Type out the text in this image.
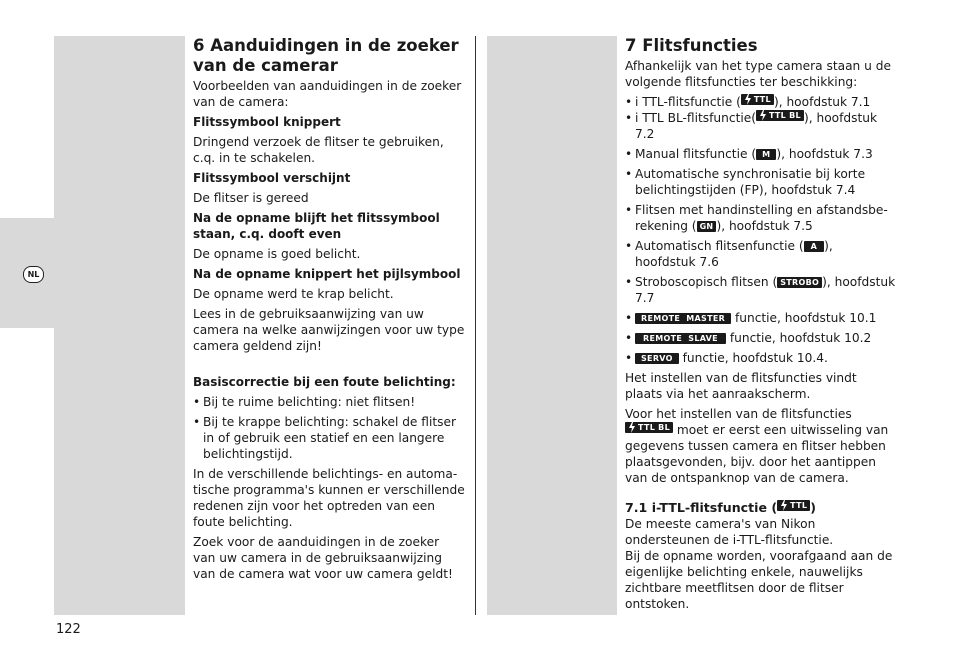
NL
122
6 Aanduidingen in de zoeker van de camerar

Voorbeelden van aanduidingen in de zoeker van de camera:

Flitssymbool knippert

Dringend verzoek de flitser te gebruiken, c.q. in te schakelen.

Flitssymbool verschijnt

De flitser is gereed

Na de opname blijft het flitssymbool staan, c.q. dooft even

De opname is goed belicht.

Na de opname knippert het pijlsymbool

De opname werd te krap belicht.

Lees in de gebruiksaanwijzing van uw camera na welke aanwijzingen voor uw type camera geldend zijn!

Basiscorrectie bij een foute belichting:

• Bij te ruime belichting: niet flitsen!
• Bij te krappe belichting: schakel de flitser in of gebruik een statief en een langere belichtingstijd.

In de verschillende belichtings- en automa-tische programma's kunnen er verschillende redenen zijn voor het optreden van een foute belichting.

Zoek voor de aanduidingen in de zoeker van uw camera in de gebruiksaanwijzing van de camera wat voor uw camera geldt!

7 Flitsfuncties

Afhankelijk van het type camera staan u de volgende flitsfuncties ter beschikking:

• i TTL-flitsfunctie ( TTL ), hoofdstuk 7.1
• i TTL BL-flitsfunctie( TTL BL ), hoofdstuk 7.2
• Manual flitsfunctie ( M ), hoofdstuk 7.3
• Automatische synchronisatie bij korte belichtingstijden (FP), hoofdstuk 7.4
• Flitsen met handinstelling en afstandsbe-rekening ( GN ), hoofdstuk 7.5
• Automatisch flitsenfunctie ( A ), hoofdstuk 7.6
• Stroboscopisch flitsen ( STROBO ), hoofdstuk 7.7
• REMOTE  MASTER functie, hoofdstuk 10.1
• REMOTE  SLAVE functie, hoofdstuk 10.2
• SERVO functie, hoofdstuk 10.4.

Het instellen van de flitsfuncties vindt plaats via het aanraakscherm.

Voor het instellen van de flitsfuncties
TTL BL moet er eerst een uitwisseling van gegevens tussen camera en flitser hebben plaatsgevonden, bijv. door het aantippen van de ontspanknop van de camera.

7.1 i-TTL-flitsfunctie ( TTL )

De meeste camera's van Nikon ondersteunen de i-TTL-flitsfunctie.

Bij de opname worden, voorafgaand aan de eigenlijke belichting enkele, nauwelijks zichtbare meetflitsen door de flitser ontstoken.
